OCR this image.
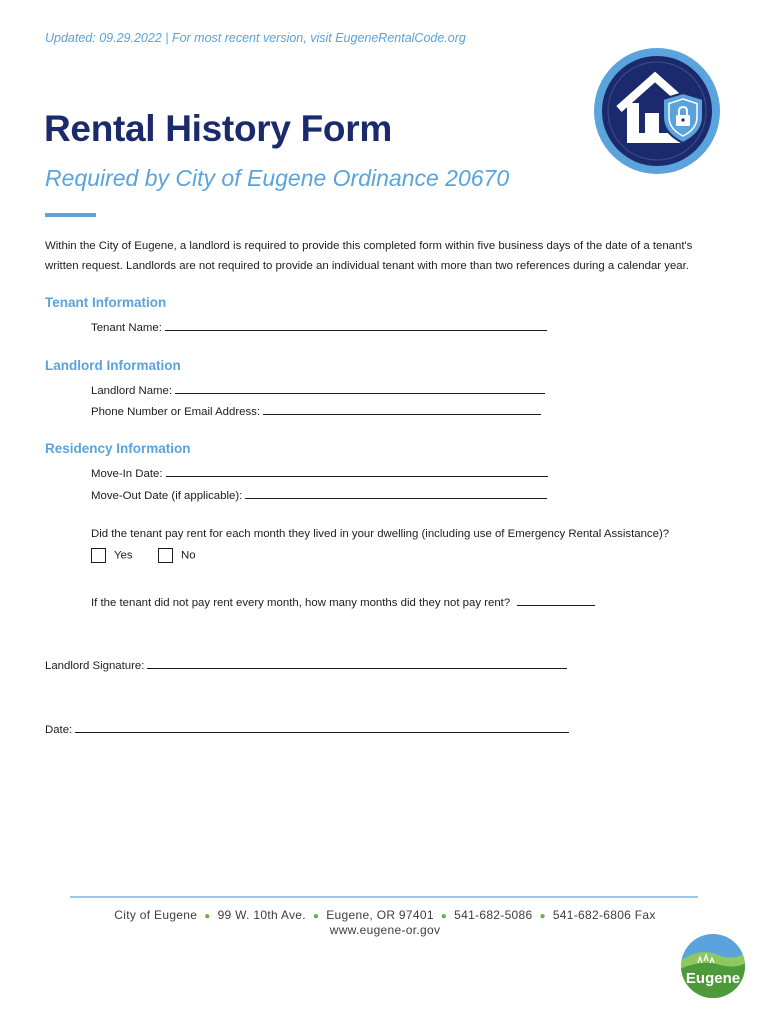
Updated: 09.29.2022 | For most recent version, visit EugeneRentalCode.org
Rental History Form
Required by City of Eugene Ordinance 20670
Within the City of Eugene, a landlord is required to provide this completed form within five business days of the date of a tenant's written request. Landlords are not required to provide an individual tenant with more than two references during a calendar year.
Tenant Information
Tenant Name:
Landlord Information
Landlord Name:
Phone Number or Email Address:
Residency Information
Move-In Date:
Move-Out Date (if applicable):
Did the tenant pay rent for each month they lived in your dwelling (including use of Emergency Rental Assistance)?
Yes	No
If the tenant did not pay rent every month, how many months did they not pay rent?
Landlord Signature:
Date:
City of Eugene ● 99 W. 10th Ave. ● Eugene, OR 97401 ● 541-682-5086 ● 541-682-6806 Fax
www.eugene-or.gov
Eugene
